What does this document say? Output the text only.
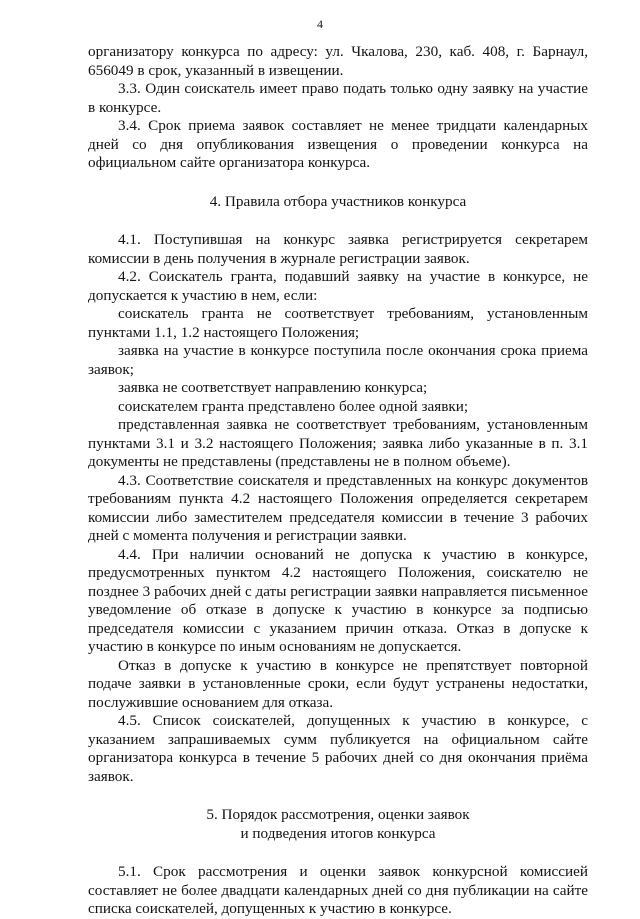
4

организатору конкурса по адресу: ул. Чкалова, 230, каб. 408, г. Барнаул, 656049 в срок, указанный в извещении.

3.3. Один соискатель имеет право подать только одну заявку на участие в конкурсе.

3.4. Срок приема заявок составляет не менее тридцати календарных дней со дня опубликования извещения о проведении конкурса на официальном сайте организатора конкурса.

4. Правила отбора участников конкурса

4.1. Поступившая на конкурс заявка регистрируется секретарем комиссии в день получения в журнале регистрации заявок.

4.2. Соискатель гранта, подавший заявку на участие в конкурсе, не допускается к участию в нем, если:

соискатель гранта не соответствует требованиям, установленным пунктами 1.1, 1.2 настоящего Положения;

заявка на участие в конкурсе поступила после окончания срока приема заявок;

заявка не соответствует направлению конкурса;

соискателем гранта представлено более одной заявки;

представленная заявка не соответствует требованиям, установленным пунктами 3.1 и 3.2 настоящего Положения; заявка либо указанные в п. 3.1 документы не представлены (представлены не в полном объеме).

4.3. Соответствие соискателя и представленных на конкурс документов требованиям пункта 4.2 настоящего Положения определяется секретарем комиссии либо заместителем председателя комиссии в течение 3 рабочих дней с момента получения и регистрации заявки.

4.4. При наличии оснований не допуска к участию в конкурсе, предусмотренных пунктом 4.2 настоящего Положения, соискателю не позднее 3 рабочих дней с даты регистрации заявки направляется письменное уведомление об отказе в допуске к участию в конкурсе за подписью председателя комиссии с указанием причин отказа. Отказ в допуске к участию в конкурсе по иным основаниям не допускается.

Отказ в допуске к участию в конкурсе не препятствует повторной подаче заявки в установленные сроки, если будут устранены недостатки, послужившие основанием для отказа.

4.5. Список соискателей, допущенных к участию в конкурсе, с указанием запрашиваемых сумм публикуется на официальном сайте организатора конкурса в течение 5 рабочих дней со дня окончания приёма заявок.

5. Порядок рассмотрения, оценки заявок
и подведения итогов конкурса

5.1. Срок рассмотрения и оценки заявок конкурсной комиссией составляет не более двадцати календарных дней со дня публикации на сайте списка соискателей, допущенных к участию в конкурсе.
